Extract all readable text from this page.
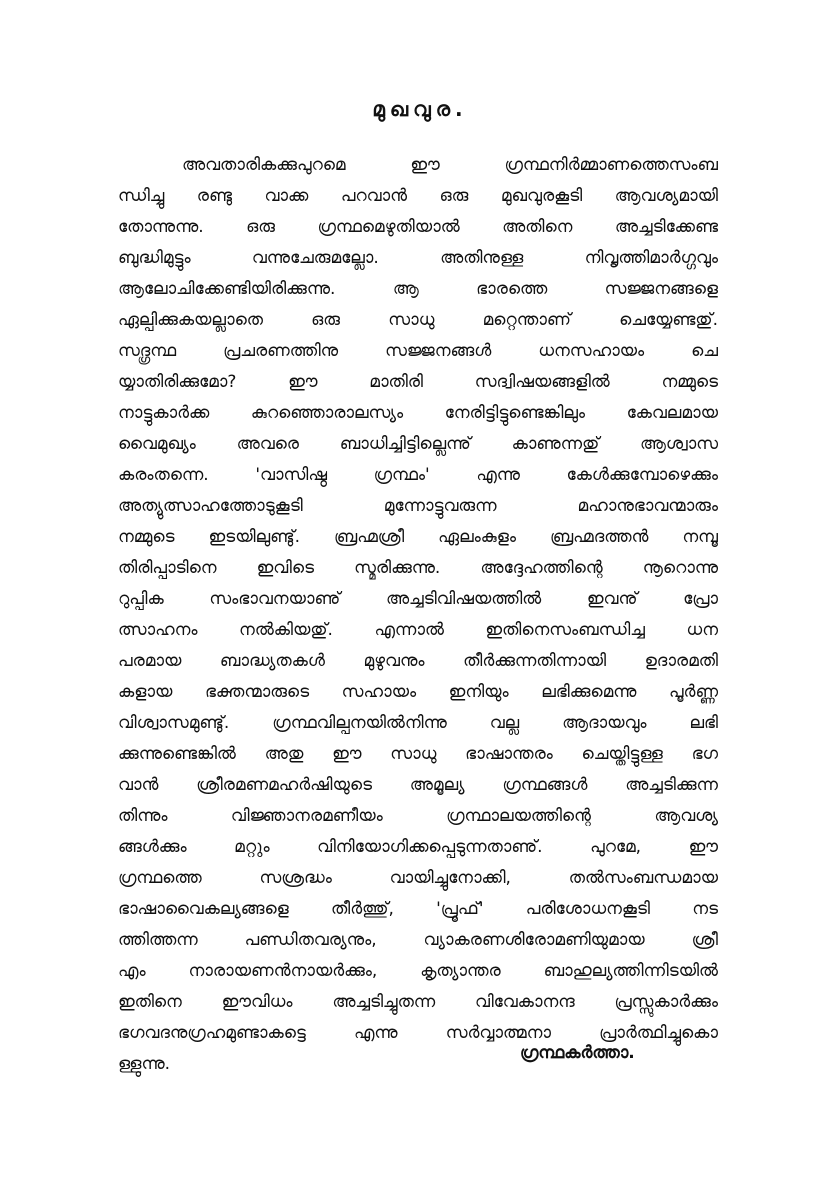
മുഖവുര.
അവതാരികക്കുപുറമെ ഈ ഗ്രന്ഥനിർമ്മാണത്തെസംബ
ന്ധിച്ചു രണ്ടു വാക്ക പറവാൻ ഒരു മുഖവുരകൂടി ആവശ്യമായി
തോന്നുന്നു. ഒരു ഗ്രന്ഥമെഴുതിയാൽ അതിനെ അച്ചടിക്കേണ്ട
ബുദ്ധിമുട്ടും വന്നുചേരുമല്ലോ. അതിനുള്ള നിവൃത്തിമാർഗ്ഗവും
ആലോചിക്കേണ്ടിയിരിക്കുന്നു. ആ ഭാരത്തെ സജ്ജനങ്ങളെ
ഏല്പിക്കുകയല്ലാതെ ഒരു സാധു മറ്റെന്താണ് ചെയ്യേണ്ടതു്.
സദ്ഗ്രന്ഥ പ്രചരണത്തിനു സജ്ജനങ്ങൾ ധനസഹായം ചെ
യ്യാതിരിക്കുമോ? ഈ മാതിരി സദ്വിഷയങ്ങളിൽ നമ്മുടെ
നാട്ടുകാർക്ക കുറഞ്ഞൊരാലസ്യം നേരിട്ടിട്ടുണ്ടെങ്കിലും കേവലമായ
വൈമുഖ്യം അവരെ ബാധിച്ചിട്ടില്ലെന്നു് കാണുന്നതു് ആശ്വാസ
കരംതന്നെ. 'വാസിഷ്ഠ ഗ്രന്ഥം' എന്നു കേൾക്കുമ്പോഴെക്കും
അത്യുത്സാഹത്തോടുകൂടി മുന്നോട്ടുവരുന്ന മഹാനുഭാവന്മാരും
നമ്മുടെ ഇടയിലുണ്ടു്. ബ്രഹ്മശ്രീ ഏലംകുളം ബ്രഹ്മദത്തൻ നമ്പൂ
തിരിപ്പാടിനെ ഇവിടെ സ്മരിക്കുന്നു. അദ്ദേഹത്തിന്റെ നൂറൊന്നു
റുപ്പിക സംഭാവനയാണു് അച്ചടിവിഷയത്തിൽ ഇവനു് പ്രോ
ത്സാഹനം നൽകിയതു്. എന്നാൽ ഇതിനെസംബന്ധിച്ച ധന
പരമായ ബാദ്ധ്യതകൾ മുഴുവനും തീർക്കുന്നതിന്നായി ഉദാരമതി
കളായ ഭക്തന്മാരുടെ സഹായം ഇനിയും ലഭിക്കുമെന്നു പൂർണ്ണ
വിശ്വാസമുണ്ടു്. ഗ്രന്ഥവില്പനയിൽനിന്നു വല്ല ആദായവും ലഭി
ക്കുന്നുണ്ടെങ്കിൽ അതു ഈ സാധു ഭാഷാന്തരം ചെയ്തിട്ടുള്ള ഭഗ
വാൻ ശ്രീരമണമഹർഷിയുടെ അമൂല്യ ഗ്രന്ഥങ്ങൾ അച്ചടിക്കുന്ന
തിന്നും വിജ്ഞാനരമണീയം ഗ്രന്ഥാലയത്തിന്റെ ആവശ്യ
ങ്ങൾക്കും മറ്റും വിനിയോഗിക്കപ്പെടുന്നതാണു്. പുറമേ, ഈ
ഗ്രന്ഥത്തെ സശ്രദ്ധം വായിച്ചുനോക്കി, തൽസംബന്ധമായ
ഭാഷാവൈകല്യങ്ങളെ തീർത്തു്, 'പ്രൂഫ്' പരിശോധനകൂടി നട
ത്തിത്തന്ന പണ്ഡിതവര്യനും, വ്യാകരണശിരോമണിയുമായ ശ്രീ
എം നാരായണൻനായർക്കും, കൃത്യാന്തര ബാഹുല്യത്തിന്നിടയിൽ
ഇതിനെ ഈവിധം അച്ചടിച്ചുതന്ന വിവേകാനന്ദ പ്രസ്സുകാർക്കും
ഭഗവദനുഗ്രഹമുണ്ടാകട്ടെ എന്നു സർവ്വാത്മനാ പ്രാർത്ഥിച്ചുകൊ
ള്ളുന്നു.
ഗ്രന്ഥകർത്താ.
